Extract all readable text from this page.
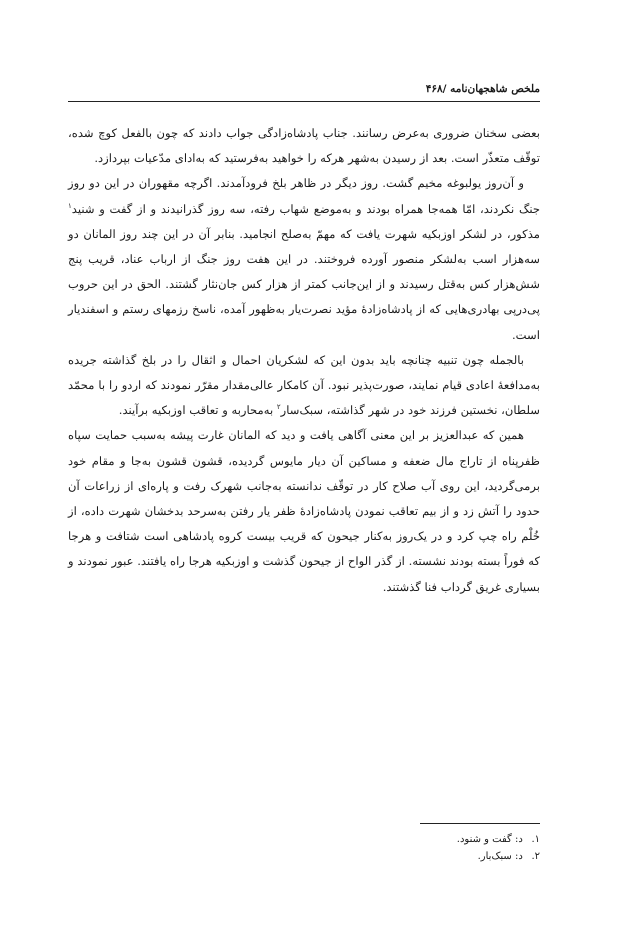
ملخص شاهجهان‌نامه /۴۶۸

بعضی سخنان ضروری به‌عرض رسانند. جناب پادشاه‌زادگی جواب دادند که چون بالفعل کوچ شده، توقّف متعذّر است. بعد از رسیدن به‌شهر هرکه را خواهید به‌فرستید که به‌ادای مدّعیات بپردازد.

و آن‌روز یولبوغه مخیم گشت. روز دیگر در ظاهر بلخ فرودآمدند. اگرچه مقهوران در این دو روز جنگ نکردند، امّا همه‌جا همراه بودند و به‌موضع شهاب رفته، سه روز گذرانیدند و از گفت و شنید$^۱$ مذکور، در لشکر اوزبکیه شهرت یافت که مهمّ به‌صلح انجامید. بنابر آن در این چند روز المانان دو سه‌هزار اسب به‌لشکر منصور آورده فروختند. در این هفت روز جنگ از ارباب عناد، قریب پنج شش‌هزار کس به‌قتل رسیدند و از این‌جانب کمتر از هزار کس جان‌نثار گشتند. الحق در این حروب پی‌درپی بهادری‌هایی که از پادشاه‌زادهٔ مؤید نصرت‌یار به‌ظهور آمده، ناسخ رزمهای رستم و اسفندیار است.

بالجمله چون تنبیه چنانچه باید بدون این که لشکریان احمال و اثقال را در بلخ گذاشته جریده به‌مدافعهٔ اعادی قیام نمایند، صورت‌پذیر نبود. آن کامکار عالی‌مقدار مقرّر نمودند که اردو را با محمّد سلطان، نخستین فرزند خود در شهر گذاشته، سبک‌سار$^۲$ به‌محاربه و تعاقب اوزبکیه برآیند.

همین که عبدالعزیز بر این معنی آگاهی یافت و دید که المانان غارت پیشه به‌سبب حمایت سپاه ظفرپناه از تاراج مال ضعفه و مساکین آن دیار مایوس گردیده، قشون قشون به‌جا و مقام خود برمی‌گردید، این روی آب صلاح کار در توقّف ندانسته به‌جانب شهرک رفت و پاره‌ای از زراعات آن حدود را آتش زد و از بیم تعاقب نمودن پادشاه‌زادهٔ ظفر یار رفتن به‌سرحد بدخشان شهرت داده، از خُلْم راه چپ کرد و در یک‌روز به‌کنار جیحون که قریب بیست کروه پادشاهی است شتافت و هرجا که فوراً بسته بودند نشسته. از گذر الواح از جیحون گذشت و اوزبکیه هرجا راه یافتند. عبور نمودند و بسیاری غریق گرداب فنا گذشتند.

۱. د: گفت و شنود.
۲. د: سبک‌بار.
